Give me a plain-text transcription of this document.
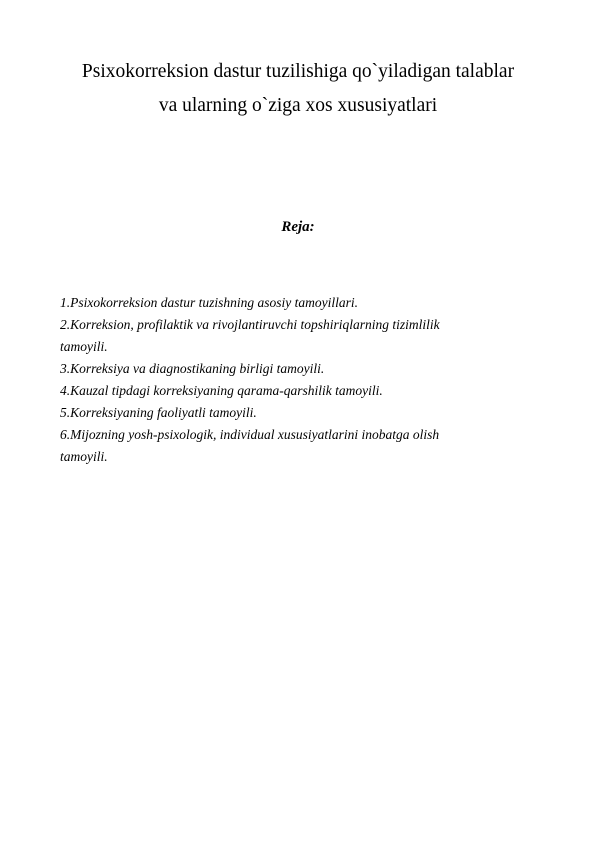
Psixokorreksion dastur tuzilishiga qo`yiladigan talablar
va ularning o`ziga xos xususiyatlari
Reja:
1.Psixokorreksion dastur tuzishning asosiy tamoyillari.
2.Korreksion, profilaktik va rivojlantiruvchi topshiriqlarning tizimlilik
tamoyili.
3.Korreksiya va diagnostikaning birligi tamoyili.
4.Kauzal tipdagi korreksiyaning qarama-qarshilik tamoyili.
5.Korreksiyaning faoliyatli tamoyili.
6.Mijozning yosh-psixologik, individual xususiyatlarini inobatga olish
tamoyili.
